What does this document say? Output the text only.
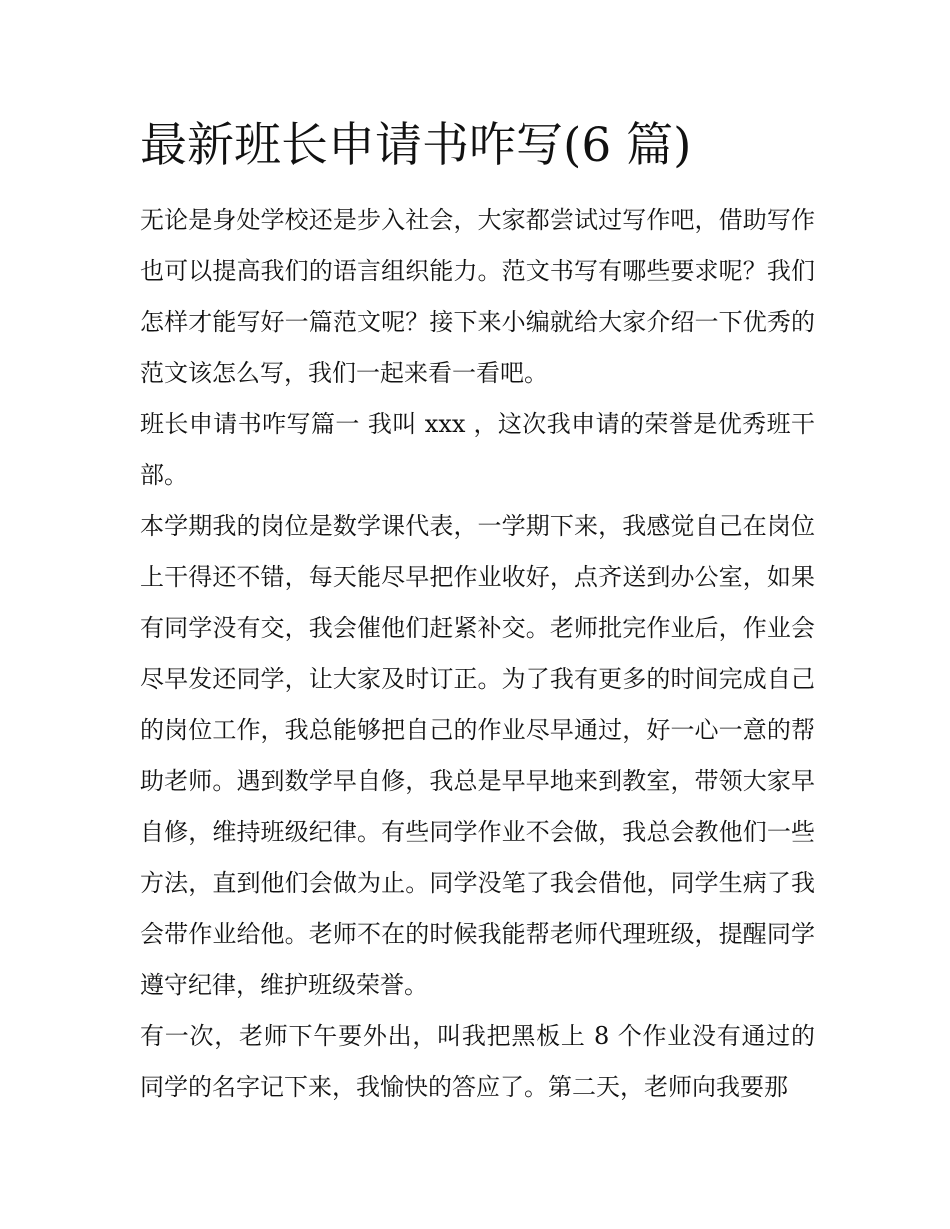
最新班长申请书咋写(6 篇)

无论是身处学校还是步入社会，大家都尝试过写作吧，借助写作也可以提高我们的语言组织能力。范文书写有哪些要求呢？我们怎样才能写好一篇范文呢？接下来小编就给大家介绍一下优秀的范文该怎么写，我们一起来看一看吧。

班长申请书咋写篇一 我叫 xxx ，这次我申请的荣誉是优秀班干部。

本学期我的岗位是数学课代表，一学期下来，我感觉自己在岗位上干得还不错，每天能尽早把作业收好，点齐送到办公室，如果有同学没有交，我会催他们赶紧补交。老师批完作业后，作业会尽早发还同学，让大家及时订正。为了我有更多的时间完成自己的岗位工作，我总能够把自己的作业尽早通过，好一心一意的帮助老师。遇到数学早自修，我总是早早地来到教室，带领大家早自修，维持班级纪律。有些同学作业不会做，我总会教他们一些方法，直到他们会做为止。同学没笔了我会借他，同学生病了我会带作业给他。老师不在的时候我能帮老师代理班级，提醒同学遵守纪律，维护班级荣誉。

有一次，老师下午要外出，叫我把黑板上 8 个作业没有通过的同学的名字记下来，我愉快的答应了。第二天，老师向我要那
